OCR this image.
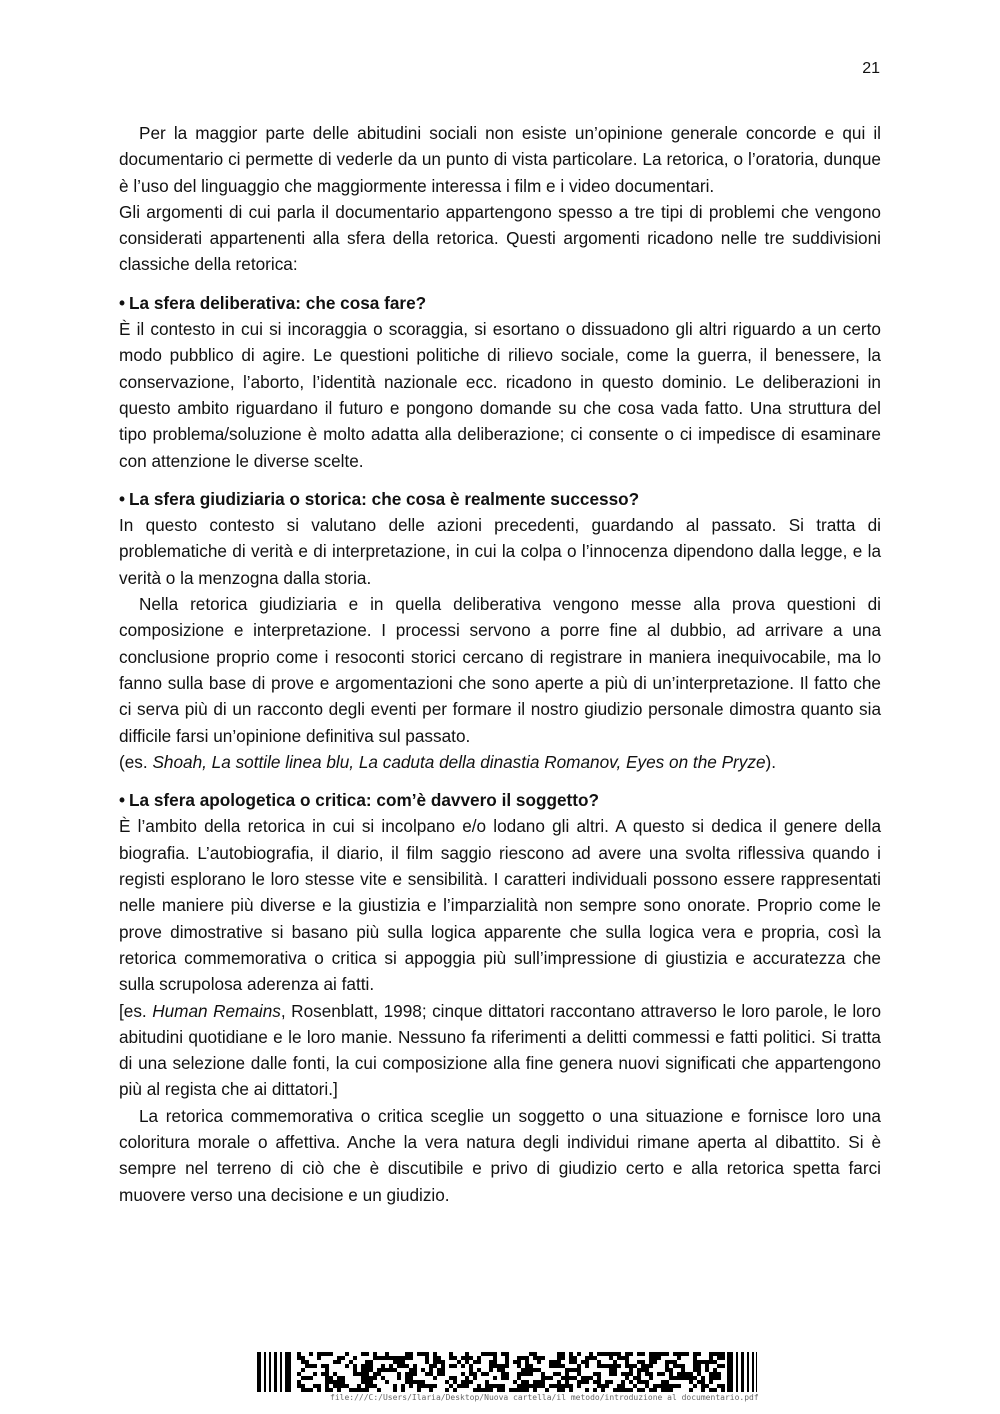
21

Per la maggior parte delle abitudini sociali non esiste un’opinione generale concorde e qui il documentario ci permette di vederle da un punto di vista particolare. La retorica, o l’oratoria, dunque è l’uso del linguaggio che maggiormente interessa i film e i video documentari.

Gli argomenti di cui parla il documentario appartengono spesso a tre tipi di problemi che vengono considerati appartenenti alla sfera della retorica. Questi argomenti ricadono nelle tre suddivisioni classiche della retorica:

• La sfera deliberativa: che cosa fare?

È il contesto in cui si incoraggia o scoraggia, si esortano o dissuadono gli altri riguardo a un certo modo pubblico di agire. Le questioni politiche di rilievo sociale, come la guerra, il benessere, la conservazione, l’aborto, l’identità nazionale ecc. ricadono in questo dominio. Le deliberazioni in questo ambito riguardano il futuro e pongono domande su che cosa vada fatto. Una struttura del tipo problema/soluzione è molto adatta alla deliberazione; ci consente o ci impedisce di esaminare con attenzione le diverse scelte.

• La sfera giudiziaria o storica: che cosa è realmente successo?

In questo contesto si valutano delle azioni precedenti, guardando al passato. Si tratta di problematiche di verità e di interpretazione, in cui la colpa o l’innocenza dipendono dalla legge, e la verità o la menzogna dalla storia.

Nella retorica giudiziaria e in quella deliberativa vengono messe alla prova questioni di composizione e interpretazione. I processi servono a porre fine al dubbio, ad arrivare a una conclusione proprio come i resoconti storici cercano di registrare in maniera inequivocabile, ma lo fanno sulla base di prove e argomentazioni che sono aperte a più di un’interpretazione. Il fatto che ci serva più di un racconto degli eventi per formare il nostro giudizio personale dimostra quanto sia difficile farsi un’opinione definitiva sul passato.

(es. Shoah, La sottile linea blu, La caduta della dinastia Romanov, Eyes on the Pryze).

• La sfera apologetica o critica: com’è davvero il soggetto?

È l’ambito della retorica in cui si incolpano e/o lodano gli altri. A questo si dedica il genere della biografia. L’autobiografia, il diario, il film saggio riescono ad avere una svolta riflessiva quando i registi esplorano le loro stesse vite e sensibilità. I caratteri individuali possono essere rappresentati nelle maniere più diverse e la giustizia e l’imparzialità non sempre sono onorate. Proprio come le prove dimostrative si basano più sulla logica apparente che sulla logica vera e propria, così la retorica commemorativa o critica si appoggia più sull’impressione di giustizia e accuratezza che sulla scrupolosa aderenza ai fatti.

[es. Human Remains, Rosenblatt, 1998; cinque dittatori raccontano attraverso le loro parole, le loro abitudini quotidiane e le loro manie. Nessuno fa riferimenti a delitti commessi e fatti politici. Si tratta di una selezione dalle fonti, la cui composizione alla fine genera nuovi significati che appartengono più al regista che ai dittatori.]

La retorica commemorativa o critica sceglie un soggetto o una situazione e fornisce loro una coloritura morale o affettiva. Anche la vera natura degli individui rimane aperta al dibattito. Si è sempre nel terreno di ciò che è discutibile e privo di giudizio certo e alla retorica spetta farci muovere verso una decisione e un giudizio.

file:///C:/Users/Ilaria/Desktop/Nuova cartella/il metodo/introduzione al documentario.pdf
